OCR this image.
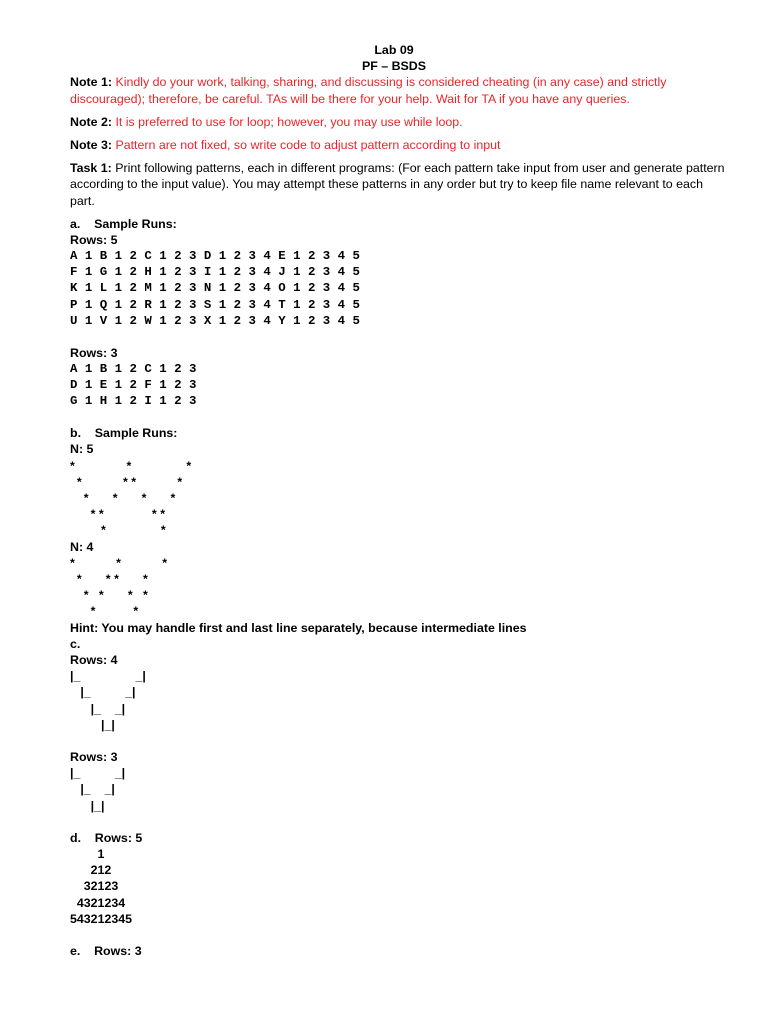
Lab 09
PF – BSDS
Note 1: Kindly do your work, talking, sharing, and discussing is considered cheating (in any case) and strictly discouraged); therefore, be careful. TAs will be there for your help. Wait for TA if you have any queries.
Note 2: It is preferred to use for loop; however, you may use while loop.
Note 3: Pattern are not fixed, so write code to adjust pattern according to input
Task 1: Print following patterns, each in different programs: (For each pattern take input from user and generate pattern according to the input value). You may attempt these patterns in any order but try to keep file name relevant to each part.
a.    Sample Runs:
Rows: 5
A 1 B 1 2 C 1 2 3 D 1 2 3 4 E 1 2 3 4 5
F 1 G 1 2 H 1 2 3 I 1 2 3 4 J 1 2 3 4 5
K 1 L 1 2 M 1 2 3 N 1 2 3 4 O 1 2 3 4 5
P 1 Q 1 2 R 1 2 3 S 1 2 3 4 T 1 2 3 4 5
U 1 V 1 2 W 1 2 3 X 1 2 3 4 Y 1 2 3 4 5
Rows: 3
A 1 B 1 2 C 1 2 3
D 1 E 1 2 F 1 2 3
G 1 H 1 2 I 1 2 3
b.    Sample Runs:
N: 5
*               *                *
*            * *            *
*       *       *       *
* *              * *
*                *
N: 4
*            *            *
*       * *       *
*   *       *   *
*           *
Hint: You may handle first and last line separately, because intermediate lines
c.
Rows: 4
|_                _|
|_          _|
|_    _|
|_|
Rows: 3
|_          _|
|_    _|
|_|
d.    Rows: 5
1
212
32123
4321234
543212345
e.    Rows: 3
